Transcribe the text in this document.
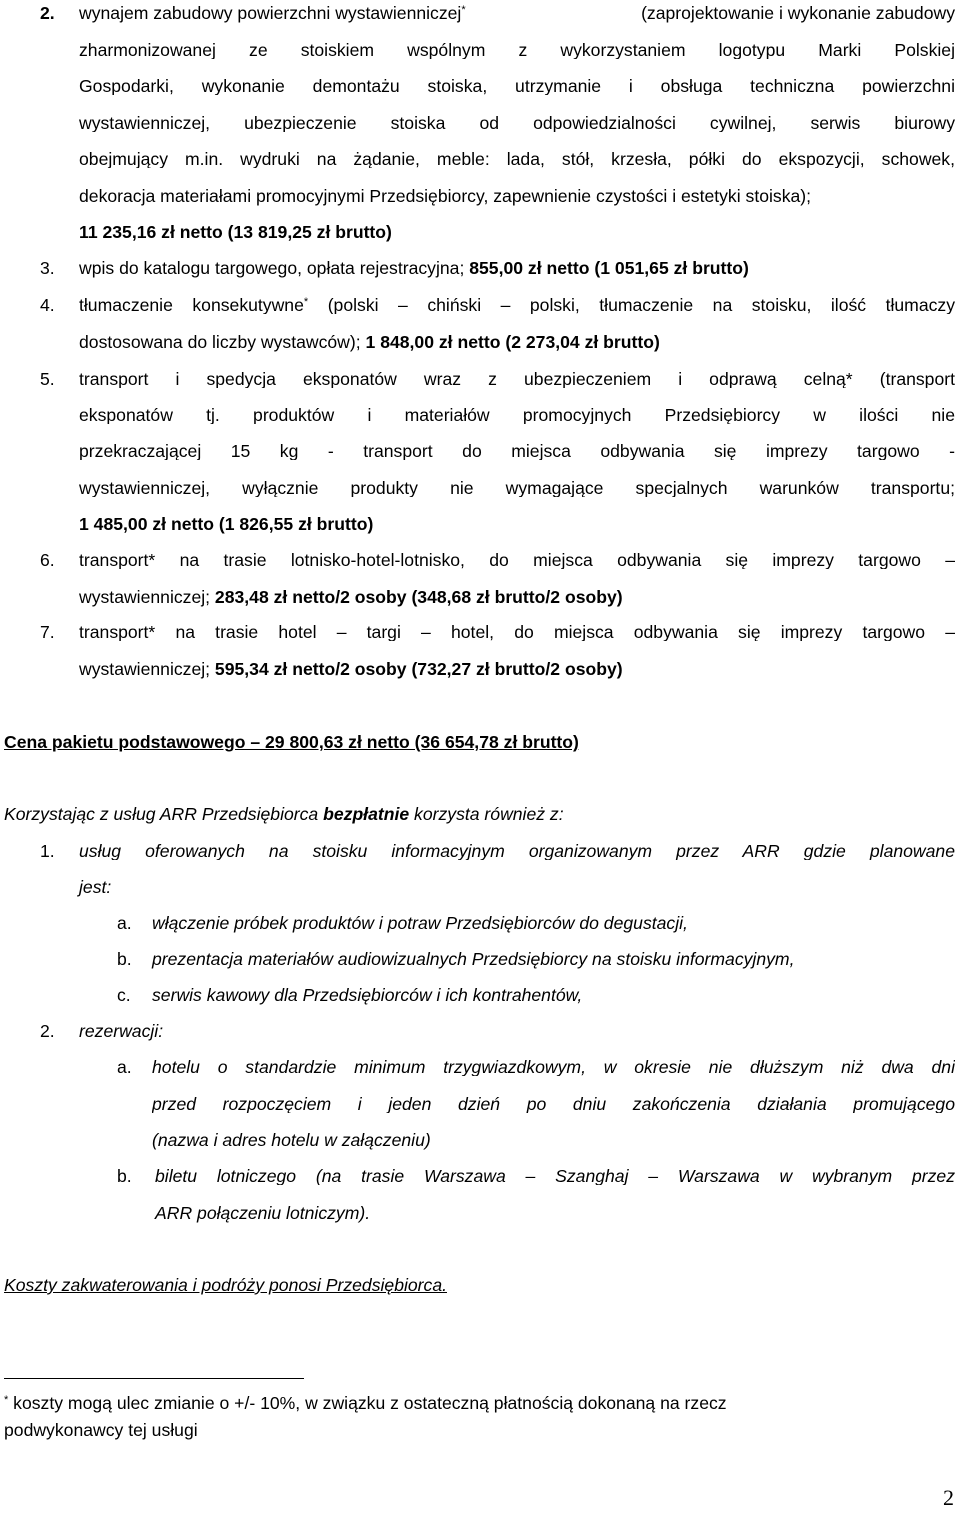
2. wynajem zabudowy powierzchni wystawienniczej*	(zaprojektowanie i wykonanie zabudowy
zharmonizowanej ze stoiskiem wspólnym z wykorzystaniem logotypu Marki Polskiej
Gospodarki, wykonanie demontażu stoiska, utrzymanie i obsługa techniczna powierzchni
wystawienniczej, ubezpieczenie stoiska od odpowiedzialności cywilnej, serwis biurowy
obejmujący m.in. wydruki na żądanie, meble: lada, stół, krzesła, półki do ekspozycji, schowek,
dekoracja materiałami promocyjnymi Przedsiębiorcy, zapewnienie czystości i estetyki stoiska);
11 235,16 zł netto (13 819,25 zł brutto)
3. wpis do katalogu targowego, opłata rejestracyjna; 855,00 zł netto (1 051,65 zł brutto)
4. tłumaczenie konsekutywne* (polski – chiński – polski, tłumaczenie na stoisku, ilość tłumaczy
dostosowana do liczby wystawców); 1 848,00 zł netto (2 273,04 zł brutto)
5. transport i spedycja eksponatów wraz z ubezpieczeniem i odprawą celną* (transport
eksponatów tj. produktów i materiałów promocyjnych Przedsiębiorcy w ilości nie
przekraczającej 15 kg - transport do miejsca odbywania się imprezy targowo -
wystawienniczej, wyłącznie produkty nie wymagające specjalnych warunków transportu;
1 485,00 zł netto (1 826,55 zł brutto)
6. transport* na trasie lotnisko-hotel-lotnisko, do miejsca odbywania się imprezy targowo –
wystawienniczej; 283,48 zł netto/2 osoby (348,68 zł brutto/2 osoby)
7. transport* na trasie hotel – targi – hotel, do miejsca odbywania się imprezy targowo –
wystawienniczej; 595,34 zł netto/2 osoby (732,27 zł brutto/2 osoby)
Cena pakietu podstawowego – 29 800,63 zł netto (36 654,78 zł brutto)
Korzystając z usług ARR Przedsiębiorca bezpłatnie korzysta również z:
1. usług oferowanych na stoisku informacyjnym organizowanym przez ARR gdzie planowane
jest:
a. włączenie próbek produktów i potraw Przedsiębiorców do degustacji,
b. prezentacja materiałów audiowizualnych Przedsiębiorcy na stoisku informacyjnym,
c. serwis kawowy dla Przedsiębiorców i ich kontrahentów,
2. rezerwacji:
a. hotelu o standardzie minimum trzygwiazdkowym, w okresie nie dłuższym niż dwa dni
przed rozpoczęciem i jeden dzień po dniu zakończenia działania promującego
(nazwa i adres hotelu w załączeniu)
b. biletu lotniczego (na trasie Warszawa – Szanghaj – Warszawa w wybranym przez
ARR połączeniu lotniczym).
Koszty zakwaterowania i podróży ponosi Przedsiębiorca.
* koszty mogą ulec zmianie o +/- 10%, w związku z ostateczną płatnością dokonaną na rzecz
podwykonawcy tej usługi
2
